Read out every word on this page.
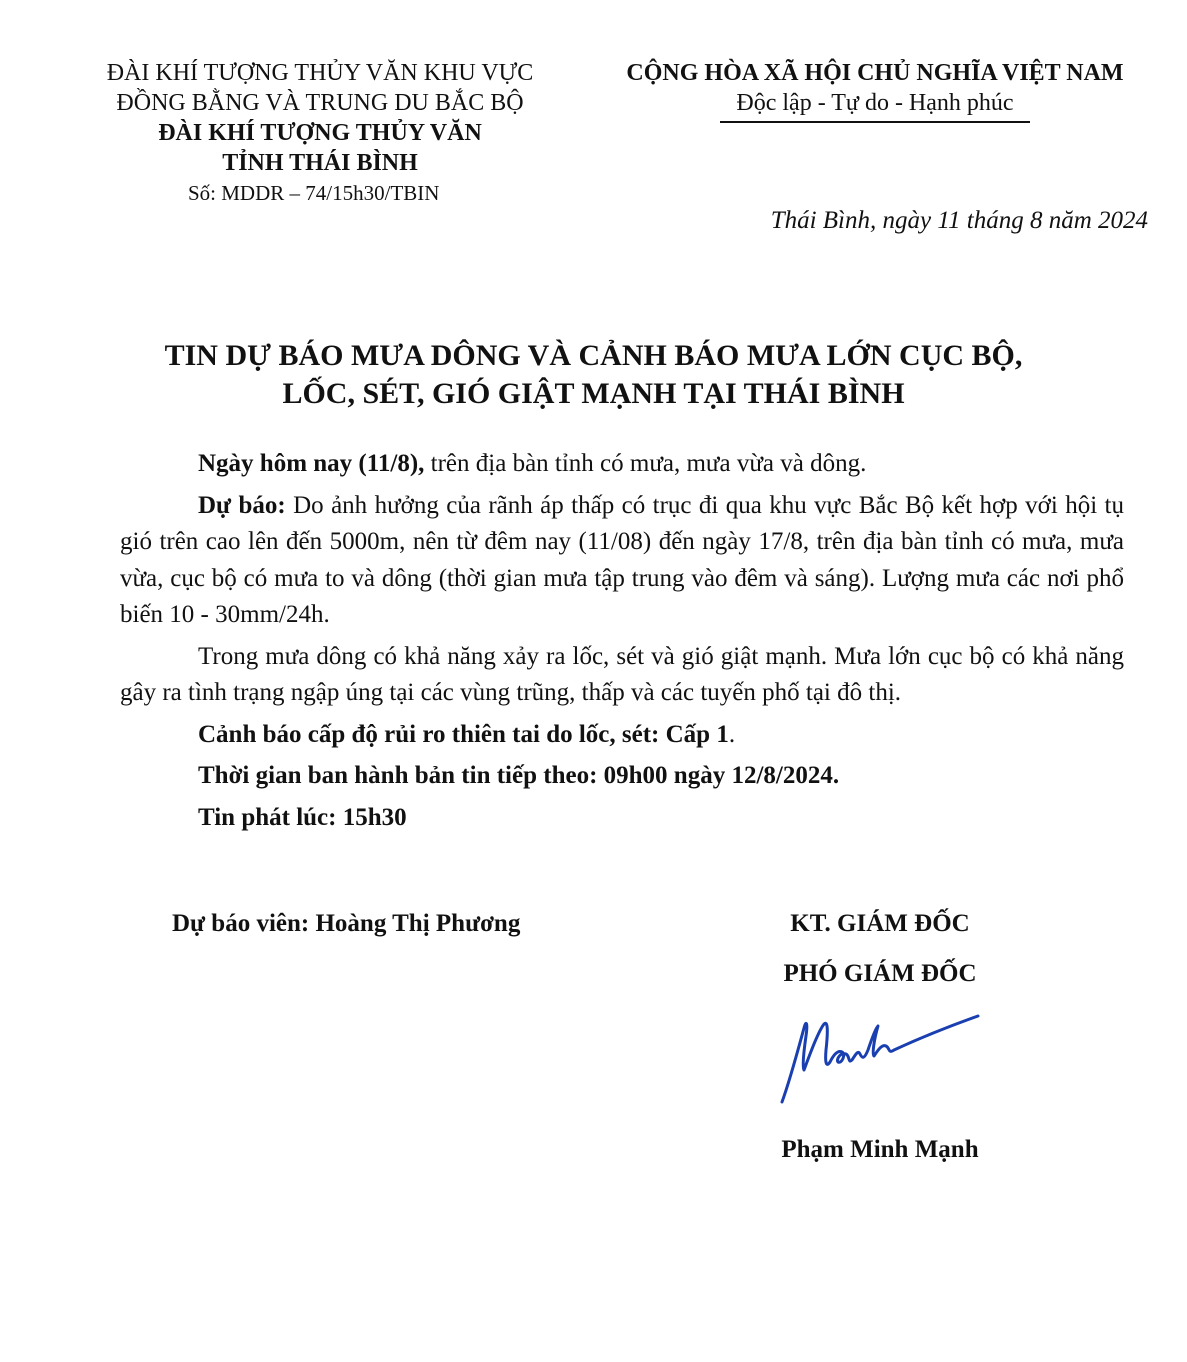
ĐÀI KHÍ TƯỢNG THỦY VĂN KHU VỰC
ĐỒNG BẰNG VÀ TRUNG DU BẮC BỘ
ĐÀI KHÍ TƯỢNG THỦY VĂN
TỈNH THÁI BÌNH
Số: MDDR – 74/15h30/TBIN
CỘNG HÒA XÃ HỘI CHỦ NGHĨA VIỆT NAM
Độc lập - Tự do - Hạnh phúc
Thái Bình, ngày 11 tháng 8 năm 2024
TIN DỰ BÁO MƯA DÔNG VÀ CẢNH BÁO MƯA LỚN CỤC BỘ,
LỐC, SÉT, GIÓ GIẬT MẠNH TẠI THÁI BÌNH

Ngày hôm nay (11/8), trên địa bàn tỉnh có mưa, mưa vừa và dông.

Dự báo: Do ảnh hưởng của rãnh áp thấp có trục đi qua khu vực Bắc Bộ kết hợp với hội tụ gió trên cao lên đến 5000m, nên từ đêm nay (11/08) đến ngày 17/8, trên địa bàn tỉnh có mưa, mưa vừa, cục bộ có mưa to và dông (thời gian mưa tập trung vào đêm và sáng). Lượng mưa các nơi phổ biến 10 - 30mm/24h.

Trong mưa dông có khả năng xảy ra lốc, sét và gió giật mạnh. Mưa lớn cục bộ có khả năng gây ra tình trạng ngập úng tại các vùng trũng, thấp và các tuyến phố tại đô thị.

Cảnh báo cấp độ rủi ro thiên tai do lốc, sét: Cấp 1.

Thời gian ban hành bản tin tiếp theo: 09h00 ngày 12/8/2024.

Tin phát lúc: 15h30

Dự báo viên: Hoàng Thị Phương	KT. GIÁM ĐỐC
PHÓ GIÁM ĐỐC
Phạm Minh Mạnh
